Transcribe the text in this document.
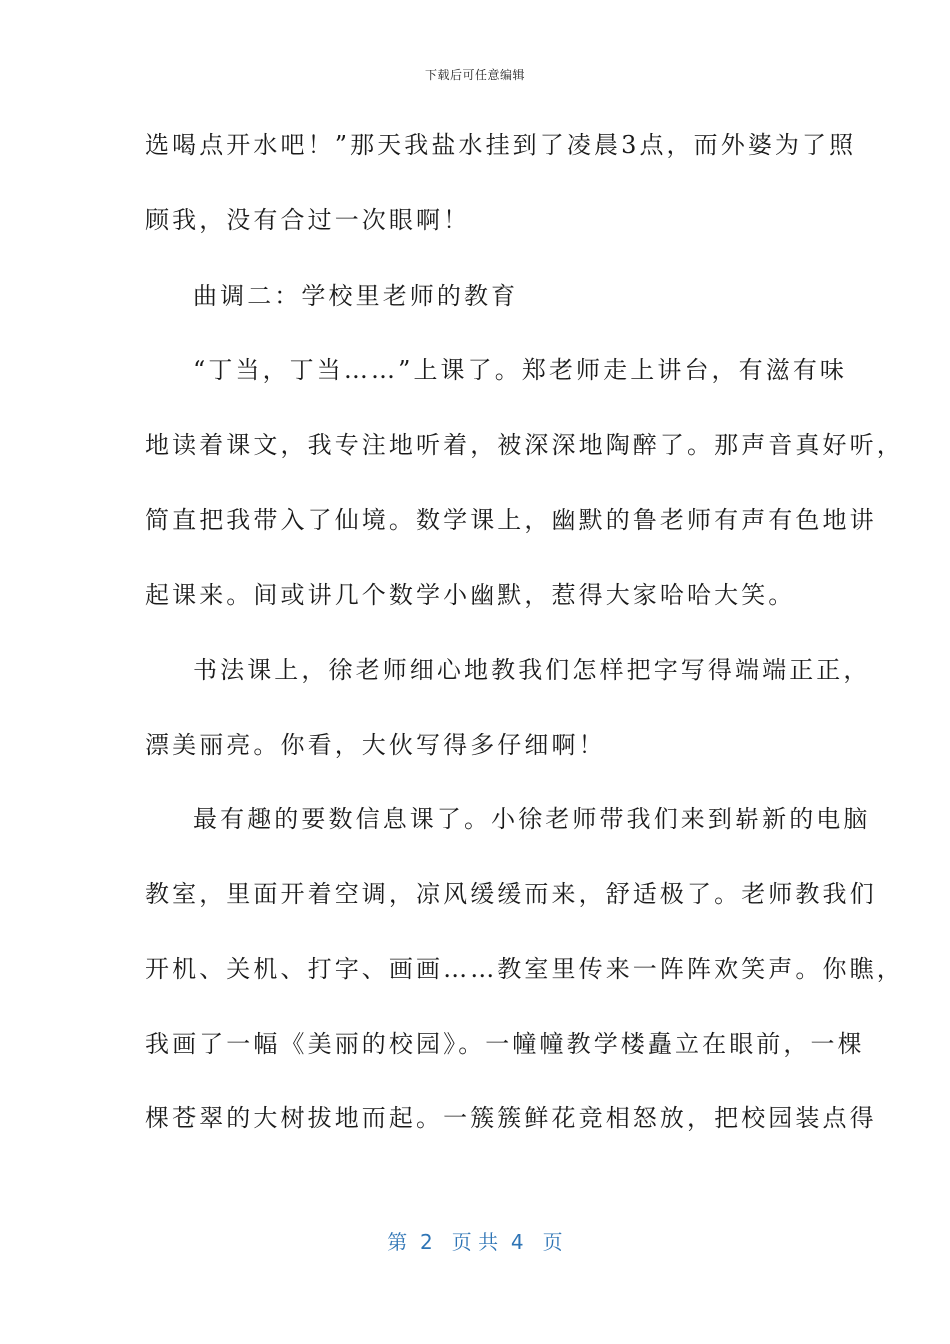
下载后可任意编辑
选喝点开水吧！”那天我盐水挂到了凌晨3点，而外婆为了照
顾我，没有合过一次眼啊！
曲调二：学校里老师的教育
“丁当，丁当……”上课了。郑老师走上讲台，有滋有味
地读着课文，我专注地听着，被深深地陶醉了。那声音真好听，
简直把我带入了仙境。数学课上，幽默的鲁老师有声有色地讲
起课来。间或讲几个数学小幽默，惹得大家哈哈大笑。
书法课上，徐老师细心地教我们怎样把字写得端端正正，
漂美丽亮。你看，大伙写得多仔细啊！
最有趣的要数信息课了。小徐老师带我们来到崭新的电脑
教室，里面开着空调，凉风缓缓而来，舒适极了。老师教我们
开机、关机、打字、画画……教室里传来一阵阵欢笑声。你瞧，
我画了一幅《美丽的校园》。一幢幢教学楼矗立在眼前，一棵
棵苍翠的大树拔地而起。一簇簇鲜花竞相怒放，把校园装点得
第  2   页 共  4   页
